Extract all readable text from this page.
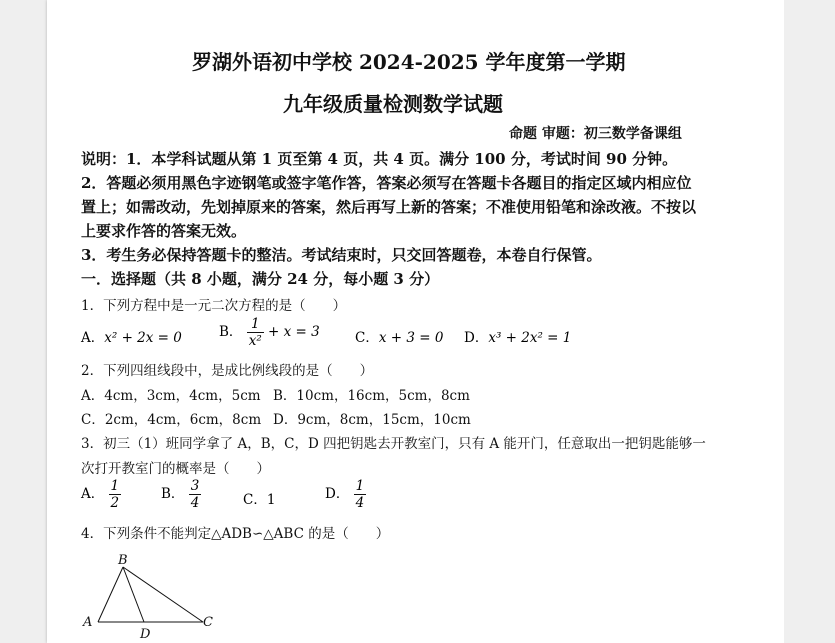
罗湖外语初中学校 2024-2025 学年度第一学期
九年级质量检测数学试题
命题 审题：初三数学备课组
说明：1．本学科试题从第 1 页至第 4 页，共 4 页。满分 100 分，考试时间 90 分钟。
2．答题必须用黑色字迹钢笔或签字笔作答，答案必须写在答题卡各题目的指定区域内相应位
置上；如需改动，先划掉原来的答案，然后再写上新的答案；不准使用铅笔和涂改液。不按以
上要求作答的答案无效。
3．考生务必保持答题卡的整洁。考试结束时，只交回答题卷，本卷自行保管。
一．选择题（共 8 小题，满分 24 分，每小题 3 分）
1．下列方程中是一元二次方程的是（　　）
A．x² + 2x = 0	B． $\frac{1}{\text{x²}} + x = 3$	C．x + 3 = 0 D．x³ + 2x² = 1
2．下列四组线段中，是成比例线段的是（　　）
A．4cm，3cm，4cm，5cm B．10cm，16cm，5cm，8cm
C．2cm，4cm，6cm，8cm D．9cm，8cm，15cm，10cm
3．初三（1）班同学拿了 A，B，C，D 四把钥匙去开教室门，只有 A 能开门，任意取出一把钥匙能够一
次打开教室门的概率是（　　）
A． $\frac{1}{2}$	B． $\frac{3}{4}$	C．1	D． $\frac{1}{4}$
4．下列条件不能判定△ADB∽△ABC 的是（　　）
B
A
D
C
